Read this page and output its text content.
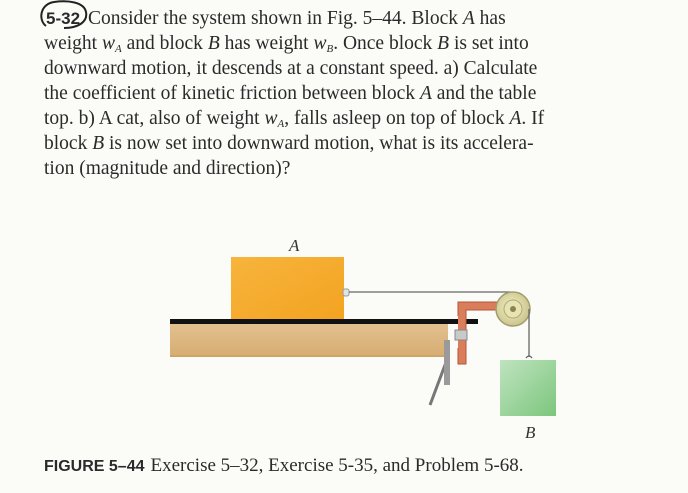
5-32 Consider the system shown in Fig. 5–44. Block A has
weight $w_A$ and block B has weight $w_B$. Once block B is set into
downward motion, it descends at a constant speed. a) Calculate
the coefficient of kinetic friction between block A and the table
top. b) A cat, also of weight $w_A$, falls asleep on top of block A. If
block B is now set into downward motion, what is its accelera-
tion (magnitude and direction)?
A
B
FIGURE 5–44 Exercise 5–32, Exercise 5-35, and Problem 5-68.
